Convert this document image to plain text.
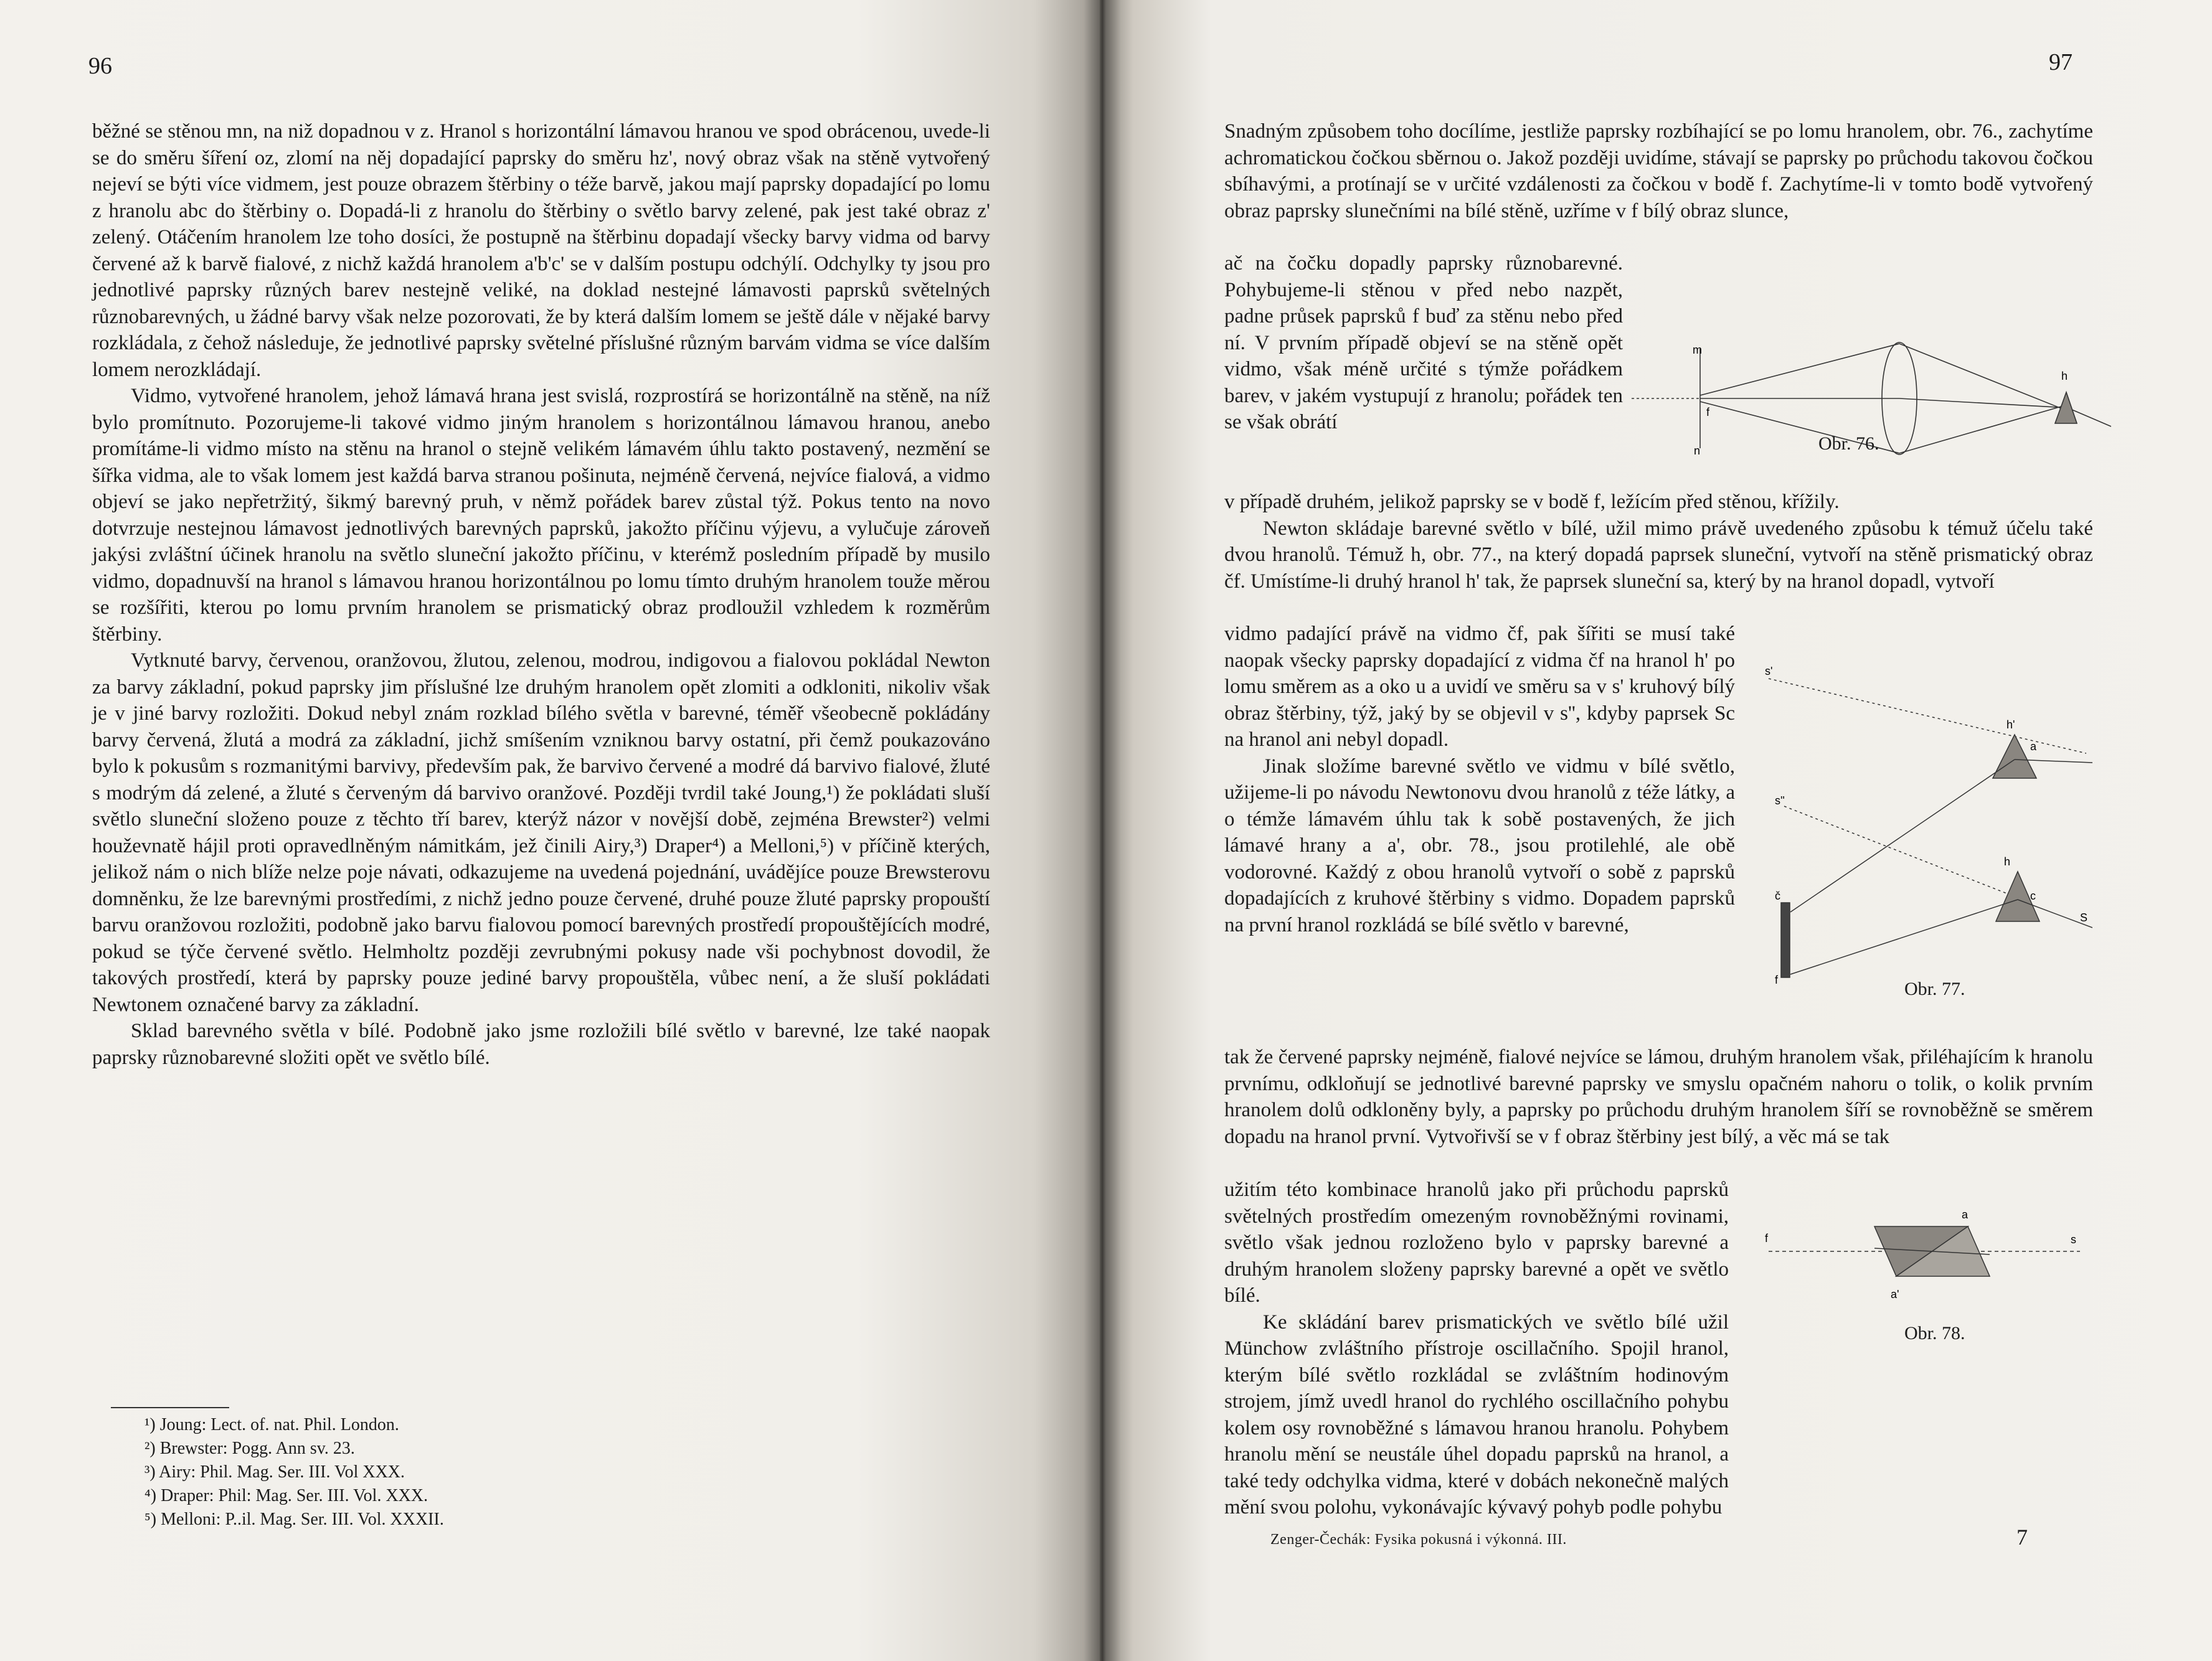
96

běžné se stěnou mn, na niž dopadnou v z. Hranol s horizontální lámavou hranou ve spod obrácenou, uvede-li se do směru šíření oz, zlomí na něj dopadající paprsky do směru hz', nový obraz však na stěně vytvořený nejeví se býti více vidmem, jest pouze obrazem štěrbiny o téže barvě, jakou mají paprsky dopadající po lomu z hranolu abc do štěrbiny o. Dopadá-li z hranolu do štěrbiny o světlo barvy zelené, pak jest také obraz z' zelený. Otáčením hranolem lze toho dosíci, že postupně na štěrbinu dopadají všecky barvy vidma od barvy červené až k barvě fialové, z nichž každá hranolem a'b'c' se v dalším postupu odchýlí. Odchylky ty jsou pro jednotlivé paprsky různých barev nestejně veliké, na doklad nestejné lámavosti paprsků světelných různobarevných, u žádné barvy však nelze pozorovati, že by která dalším lomem se ještě dále v nějaké barvy rozkládala, z čehož následuje, že jednotlivé paprsky světelné příslušné různým barvám vidma se více dalším lomem nerozkládají.

Vidmo, vytvořené hranolem, jehož lámavá hrana jest svislá, rozprostírá se horizontálně na stěně, na níž bylo promítnuto. Pozorujeme-li takové vidmo jiným hranolem s horizontálnou lámavou hranou, anebo promítáme-li vidmo místo na stěnu na hranol o stejně velikém lámavém úhlu takto postavený, nezmění se šířka vidma, ale to však lomem jest každá barva stranou pošinuta, nejméně červená, nejvíce fialová, a vidmo objeví se jako nepřetržitý, šikmý barevný pruh, v němž pořádek barev zůstal týž. Pokus tento na novo dotvrzuje nestejnou lámavost jednotlivých barevných paprsků, jakožto příčinu výjevu, a vylučuje zároveň jakýsi zvláštní účinek hranolu na světlo sluneční jakožto příčinu, v kterémž posledním případě by musilo vidmo, dopadnuvší na hranol s lámavou hranou horizontálnou po lomu tímto druhým hranolem touže měrou se rozšířiti, kterou po lomu prvním hranolem se prismatický obraz prodloužil vzhledem k rozměrům štěrbiny.

Vytknuté barvy, červenou, oranžovou, žlutou, zelenou, modrou, indigovou a fialovou pokládal Newton za barvy základní, pokud paprsky jim příslušné lze druhým hranolem opět zlomiti a odkloniti, nikoliv však je v jiné barvy rozložiti. Dokud nebyl znám rozklad bílého světla v barevné, téměř všeobecně pokládány barvy červená, žlutá a modrá za základní, jichž smíšením vzniknou barvy ostatní, při čemž poukazováno bylo k pokusům s rozmanitými barvivy, především pak, že barvivo červené a modré dá barvivo fialové, žluté s modrým dá zelené, a žluté s červeným dá barvivo oranžové. Později tvrdil také Joung,¹) že pokládati sluší světlo sluneční složeno pouze z těchto tří barev, kterýž názor v novější době, zejména Brewster²) velmi houževnatě hájil proti opravedlněným námitkám, jež činili Airy,³) Draper⁴) a Melloni,⁵) v příčině kterých, jelikož nám o nich blíže nelze poje návati, odkazujeme na uvedená pojednání, uvádějíce pouze Brewsterovu domněnku, že lze barevnými prostředími, z nichž jedno pouze červené, druhé pouze žluté paprsky propouští barvu oranžovou rozložiti, podobně jako barvu fialovou pomocí barevných prostředí propouštějících modré, pokud se týče červené světlo. Helmholtz později zevrubnými pokusy nade vši pochybnost dovodil, že takových prostředí, která by paprsky pouze jediné barvy propouštěla, vůbec není, a že sluší pokládati Newtonem označené barvy za základní.

Sklad barevného světla v bílé. Podobně jako jsme rozložili bílé světlo v barevné, lze také naopak paprsky různobarevné složiti opět ve světlo bílé.

¹) Joung: Lect. of. nat. Phil. London.
²) Brewster: Pogg. Ann sv. 23.
³) Airy: Phil. Mag. Ser. III. Vol XXX.
⁴) Draper: Phil: Mag. Ser. III. Vol. XXX.
⁵) Melloni: P..il. Mag. Ser. III. Vol. XXXII.
97

Snadným způsobem toho docílíme, jestliže paprsky rozbíhající se po lomu hranolem, obr. 76., zachytíme achromatickou čočkou sběrnou o. Jakož později uvidíme, stávají se paprsky po průchodu takovou čočkou sbíhavými, a protínají se v určité vzdálenosti za čočkou v bodě f. Zachytíme-li v tomto bodě vytvořený obraz paprsky slunečními na bílé stěně, uzříme v f bílý obraz slunce,

ač na čočku dopadly paprsky různobarevné. Pohybujeme-li stěnou v před nebo nazpět, padne průsek paprsků f buď za stěnu nebo před ní. V prvním případě objeví se na stěně opět vidmo, však méně určité s týmže pořádkem barev, v jakém vystupují z hranolu; pořádek ten se však obrátí

m
n
f
h
Obr. 76.

v případě druhém, jelikož paprsky se v bodě f, ležícím před stěnou, křížily.

Newton skládaje barevné světlo v bílé, užil mimo právě uvedeného způsobu k témuž účelu také dvou hranolů. Témuž h, obr. 77., na který dopadá paprsek sluneční, vytvoří na stěně prismatický obraz čf. Umístíme-li druhý hranol h' tak, že paprsek sluneční sa, který by na hranol dopadl, vytvoří

vidmo padající právě na vidmo čf, pak šířiti se musí také naopak všecky paprsky dopadající z vidma čf na hranol h' po lomu směrem as a oko u a uvidí ve směru sa v s' kruhový bílý obraz štěrbiny, týž, jaký by se objevil v s'', kdyby paprsek Sc na hranol ani nebyl dopadl.

Jinak složíme barevné světlo ve vidmu v bílé světlo, užijeme-li po návodu Newtonovu dvou hranolů z téže látky, a o témže lámavém úhlu tak k sobě postavených, že jich lámavé hrany a a', obr. 78., jsou protilehlé, ale obě vodorovné. Každý z obou hranolů vytvoří o sobě z paprsků dopadajících z kruhové štěrbiny s vidmo. Dopadem paprsků na první hranol rozkládá se bílé světlo v barevné,

s'
h'
a
s''
h
c
S
č
f	Obr. 77.

tak že červené paprsky nejméně, fialové nejvíce se lámou, druhým hranolem však, přiléhajícím k hranolu prvnímu, odkloňují se jednotlivé barevné paprsky ve smyslu opačném nahoru o tolik, o kolik prvním hranolem dolů odkloněny byly, a paprsky po průchodu druhým hranolem šíří se rovnoběžně se směrem dopadu na hranol první. Vytvořivší se v f obraz štěrbiny jest bílý, a věc má se tak

užitím této kombinace hranolů jako při průchodu paprsků světelných prostředím omezeným rovnoběžnými rovinami, světlo však jednou rozloženo bylo v paprsky barevné a druhým hranolem složeny paprsky barevné a opět ve světlo bílé.

Ke skládání barev prismatických ve světlo bílé užil Münchow zvláštního přístroje oscillačního. Spojil hranol, kterým bílé světlo rozkládal se zvláštním hodinovým strojem, jímž uvedl hranol do rychlého oscillačního pohybu kolem osy rovnoběžné s lámavou hranou hranolu. Pohybem hranolu mění se neustále úhel dopadu paprsků na hranol, a také tedy odchylka vidma, které v dobách nekonečně malých mění svou polohu, vykonávajíc kývavý pohyb podle pohybu

f
a
a'
s
Obr. 78.
Zenger-Čechák: Fysika pokusná i výkonná. III.	7
